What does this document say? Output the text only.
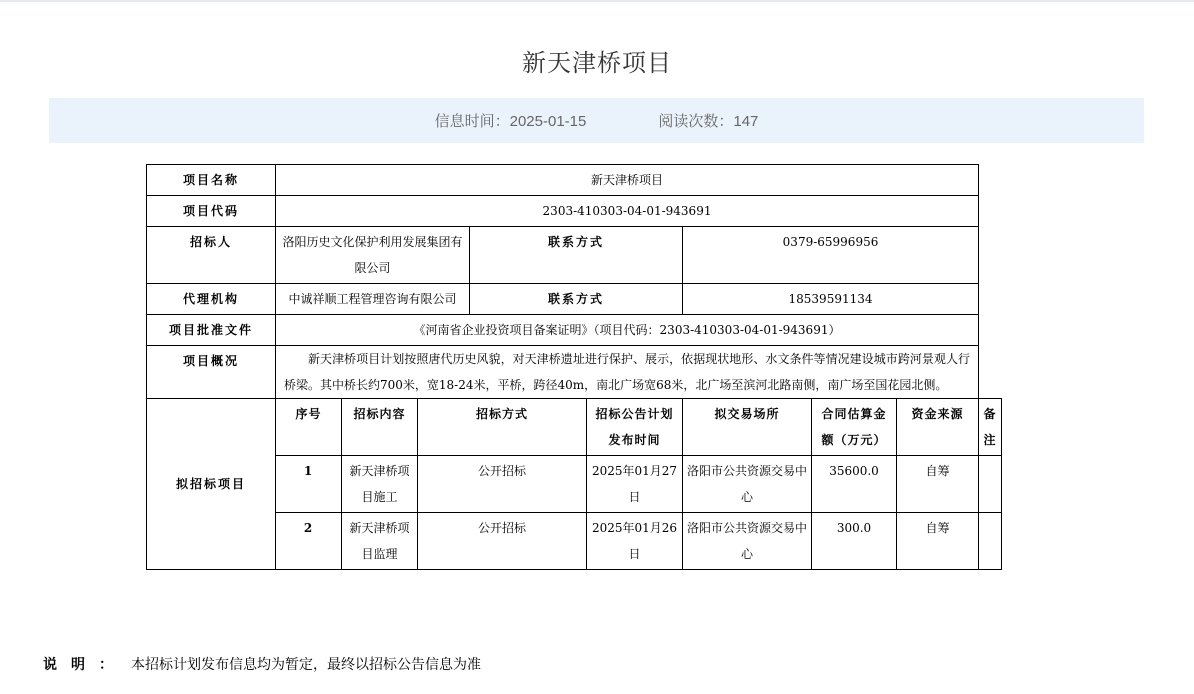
新天津桥项目
信息时间：2025-01-15	阅读次数：147
项目名称	新天津桥项目								
项目代码	2303-410303-04-01-943691								
招标人	洛阳历史文化保护利用发展集团有限公司			联系方式		0379-65996956			
代理机构	中诚祥顺工程管理咨询有限公司			联系方式		18539591134			
项目批准文件	《河南省企业投资项目备案证明》（项目代码：2303-410303-04-01-943691）								
项目概况	新天津桥项目计划按照唐代历史风貌，对天津桥遗址进行保护、展示，依据现状地形、水文条件等情况建设城市跨河景观人行桥梁。其中桥长约700米，宽18-24米，平桥，跨径40m，南北广场宽68米，北广场至滨河北路南侧，南广场至国花园北侧。								
拟招标项目	序号	招标内容	招标方式		招标公告计划发布时间	拟交易场所	合同估算金额（万元）	资金来源	备注
	1	新天津桥项目施工	公开招标		2025年01月27日	洛阳市公共资源交易中心	35600.0	自筹	
	2	新天津桥项目监理	公开招标		2025年01月26日	洛阳市公共资源交易中心	300.0	自筹	
说明： 本招标计划发布信息均为暂定，最终以招标公告信息为准
